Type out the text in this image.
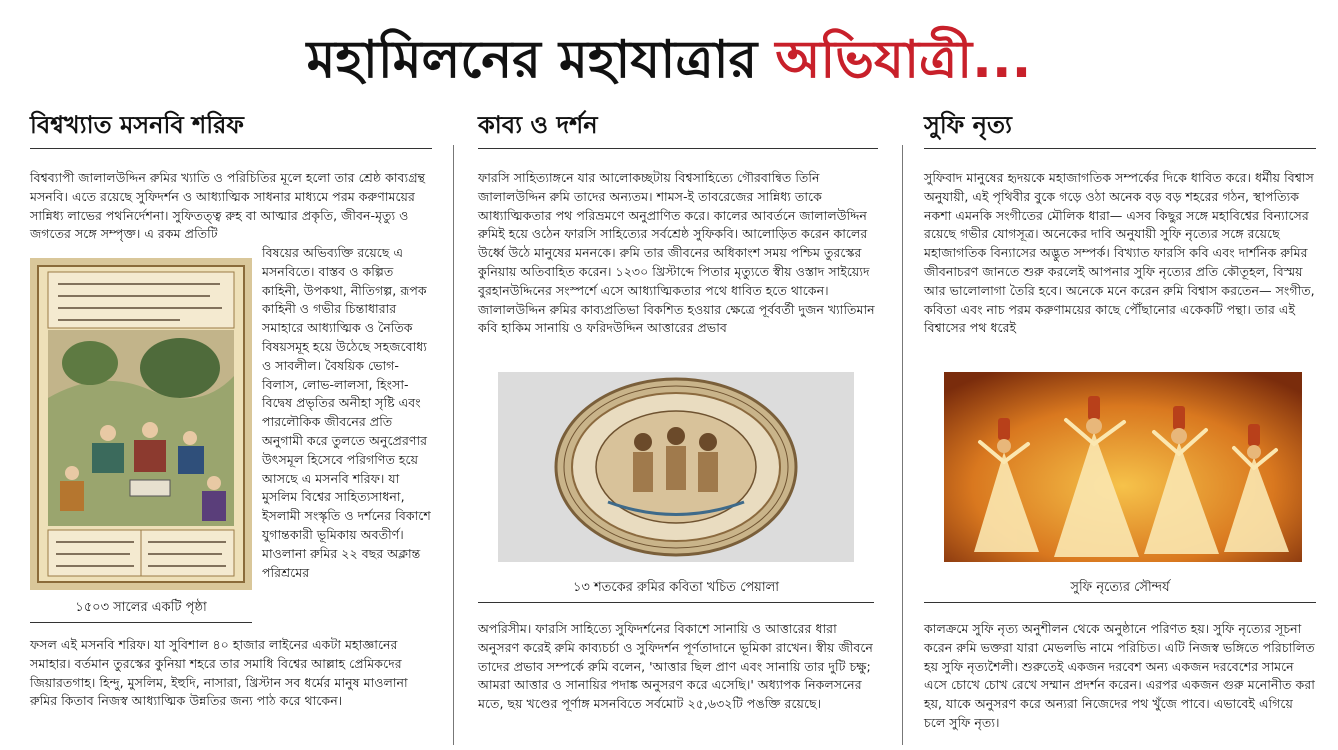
মহামিলনের মহাযাত্রার অভিযাত্রী...
বিশ্বখ্যাত মসনবি শরিফ

বিশ্বব্যাপী জালালউদ্দিন রুমির খ্যাতি ও পরিচিতির মূলে হলো তার শ্রেষ্ঠ কাব্যগ্রন্থ মসনবি। এতে রয়েছে সুফিদর্শন ও আধ্যাত্মিক সাধনার মাধ্যমে পরম করুণাময়ের সান্নিধ্য লাভের পথনির্দেশনা। সুফিতত্ত্ব রুহ বা আত্মার প্রকৃতি, জীবন-মৃত্যু ও জগতের সঙ্গে সম্পৃক্ত। এ রকম প্রতিটি

১৫০৩ সালের একটি পৃষ্ঠা

বিষয়ের অভিব্যক্তি রয়েছে এ মসনবিতে। বাস্তব ও কল্পিত কাহিনী, উপকথা, নীতিগল্প, রূপক কাহিনী ও গভীর চিন্তাধারার সমাহারে আধ্যাত্মিক ও নৈতিক বিষয়সমূহ হয়ে উঠেছে সহজবোধ্য ও সাবলীল। বৈষয়িক ভোগ-বিলাস, লোভ-লালসা, হিংসা-বিদ্বেষ প্রভৃতির অনীহা সৃষ্টি এবং পারলৌকিক জীবনের প্রতি অনুগামী করে তুলতে অনুপ্রেরণার উৎসমূল হিসেবে পরিগণিত হয়ে আসছে এ মসনবি শরিফ। যা মুসলিম বিশ্বের সাহিত্যসাধনা, ইসলামী সংস্কৃতি ও দর্শনের বিকাশে যুগান্তকারী ভূমিকায় অবতীর্ণ। মাওলানা রুমির ২২ বছর অক্লান্ত পরিশ্রমের

ফসল এই মসনবি শরিফ। যা সুবিশাল ৪০ হাজার লাইনের একটা মহাজ্ঞানের সমাহার। বর্তমান তুরস্কের কুনিয়া শহরে তার সমাধি বিশ্বের আল্লাহ প্রেমিকদের জিয়ারতগাহ। হিন্দু, মুসলিম, ইহুদি, নাসারা, খ্রিস্টান সব ধর্মের মানুষ মাওলানা রুমির কিতাব নিজস্ব আধ্যাত্মিক উন্নতির জন্য পাঠ করে থাকেন।

কাব্য ও দর্শন

ফারসি সাহিত্যাঙ্গনে যার আলোকচ্ছটায় বিশ্বসাহিত্যে গৌরবান্বিত তিনি জালালউদ্দিন রুমি তাদের অন্যতম। শামস-ই তাবরেজের সান্নিধ্য তাকে আধ্যাত্মিকতার পথ পরিভ্রমণে অনুপ্রাণিত করে। কালের আবর্তনে জালালউদ্দিন রুমিই হয়ে ওঠেন ফারসি সাহিত্যের সর্বশ্রেষ্ঠ সুফিকবি। আলোড়িত করেন কালের উর্ধ্বে উঠে মানুষের মননকে। রুমি তার জীবনের অধিকাংশ সময় পশ্চিম তুরস্কের কুনিয়ায় অতিবাহিত করেন। ১২৩০ খ্রিস্টাব্দে পিতার মৃত্যুতে স্বীয় ওস্তাদ সাইয়্যেদ বুরহানউদ্দিনের সংস্পর্শে এসে আধ্যাত্মিকতার পথে ধাবিত হতে থাকেন। জালালউদ্দিন রুমির কাব্যপ্রতিভা বিকশিত হওয়ার ক্ষেত্রে পূর্ববর্তী দুজন খ্যাতিমান কবি হাকিম সানায়ি ও ফরিদউদ্দিন আত্তারের প্রভাব

১৩ শতকের রুমির কবিতা খচিত পেয়ালা

অপরিসীম। ফারসি সাহিত্যে সুফিদর্শনের বিকাশে সানায়ি ও আত্তারের ধারা অনুসরণ করেই রুমি কাব্যচর্চা ও সুফিদর্শন পূর্ণতাদানে ভূমিকা রাখেন। স্বীয় জীবনে তাদের প্রভাব সম্পর্কে রুমি বলেন, 'আত্তার ছিল প্রাণ এবং সানায়ি তার দুটি চক্ষু; আমরা আত্তার ও সানায়ির পদাঙ্ক অনুসরণ করে এসেছি।' অধ্যাপক নিকলসনের মতে, ছয় খণ্ডের পূর্ণাঙ্গ মসনবিতে সর্বমোট ২৫,৬৩২টি পঙক্তি রয়েছে।

সুফি নৃত্য

সুফিবাদ মানুষের হৃদয়কে মহাজাগতিক সম্পর্কের দিকে ধাবিত করে। ধর্মীয় বিশ্বাস অনুযায়ী, এই পৃথিবীর বুকে গড়ে ওঠা অনেক বড় বড় শহরের গঠন, স্থাপত্যিক নকশা এমনকি সংগীতের মৌলিক ধারা— এসব কিছুর সঙ্গে মহাবিশ্বের বিন্যাসের রয়েছে গভীর যোগসূত্র। অনেকের দাবি অনুযায়ী সুফি নৃত্যের সঙ্গে রয়েছে মহাজাগতিক বিন্যাসের অদ্ভুত সম্পর্ক। বিখ্যাত ফারসি কবি এবং দার্শনিক রুমির জীবনাচরণ জানতে শুরু করলেই আপনার সুফি নৃত্যের প্রতি কৌতূহল, বিস্ময় আর ভালোলাগা তৈরি হবে। অনেকে মনে করেন রুমি বিশ্বাস করতেন— সংগীত, কবিতা এবং নাচ পরম করুণাময়ের কাছে পৌঁছানোর একেকটি পন্থা। তার এই বিশ্বাসের পথ ধরেই

সুফি নৃত্যের সৌন্দর্য

কালক্রমে সুফি নৃত্য অনুশীলন থেকে অনুষ্ঠানে পরিণত হয়। সুফি নৃত্যের সূচনা করেন রুমি ভক্তরা যারা মেভলভি নামে পরিচিত। এটি নিজস্ব ভঙ্গিতে পরিচালিত হয় সুফি নৃত্যশৈলী। শুরুতেই একজন দরবেশ অন্য একজন দরবেশের সামনে এসে চোখে চোখ রেখে সম্মান প্রদর্শন করেন। এরপর একজন গুরু মনোনীত করা হয়, যাকে অনুসরণ করে অন্যরা নিজেদের পথ খুঁজে পাবে। এভাবেই এগিয়ে চলে সুফি নৃত্য।
